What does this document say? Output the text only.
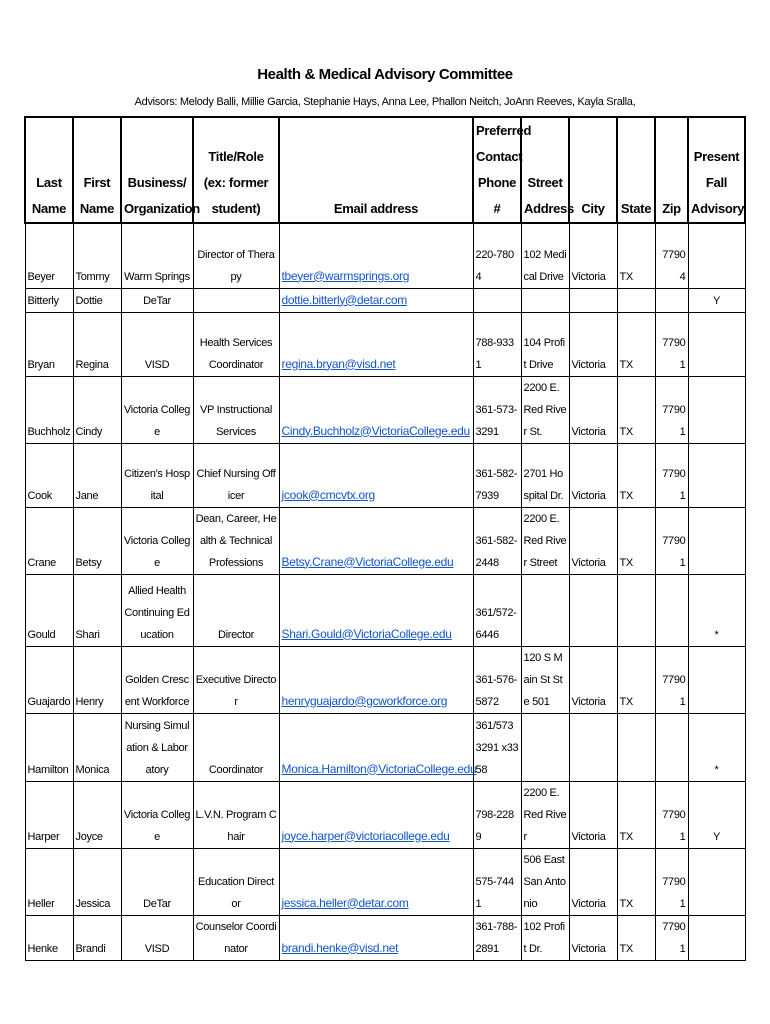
Health & Medical Advisory Committee
Advisors: Melody Balli, Millie Garcia, Stephanie Hays, Anna Lee, Phallon Neitch, JoAnn Reeves, Kayla Sralla,
Last Name	First Name	Business/ Organization	Title/Role (ex: former student)	Email address	Preferred Contact Phone #	Street Address	City	State	Zip	Present Fall Advisory
Beyer	Tommy	Warm Springs	Director of Therapy	tbeyer@warmsprings.org	220-7804	102 Medical Drive	Victoria	TX	77904	
Bitterly	Dottie	DeTar		dottie.bitterly@detar.com						Y
Bryan	Regina	VISD	Health Services Coordinator	regina.bryan@visd.net	788-9331	104 Profit Drive	Victoria	TX	77901	
Buchholz	Cindy	Victoria College	VP Instructional Services	Cindy.Buchholz@VictoriaCollege.edu	361-573-3291	2200 E. Red River St.	Victoria	TX	77901	
Cook	Jane	Citizen's Hospital	Chief Nursing Officer	jcook@cmcvtx.org	361-582-7939	2701 Hospital Dr.	Victoria	TX	77901	
Crane	Betsy	Victoria College	Dean, Career, Health & Technical Professions	Betsy.Crane@VictoriaCollege.edu	361-582-2448	2200 E. Red River Street	Victoria	TX	77901	
Gould	Shari	Allied Health Continuing Education	Director	Shari.Gould@VictoriaCollege.edu	361/572-6446					*
Guajardo	Henry	Golden Crescent Workforce	Executive Director	henryguajardo@gcworkforce.org	361-576-5872	120 S Main St Ste 501	Victoria	TX	77901	
Hamilton	Monica	Nursing Simulation & Laboratory	Coordinator	Monica.Hamilton@VictoriaCollege.edu	361/5733291 x3358					*
Harper	Joyce	Victoria College	L.V.N. Program Chair	joyce.harper@victoriacollege.edu	798-2289	2200 E. Red River	Victoria	TX	77901	Y
Heller	Jessica	DeTar	Education Director	jessica.heller@detar.com	575-7441	506 East San Antonio	Victoria	TX	77901	
Henke	Brandi	VISD	Counselor Coordinator	brandi.henke@visd.net	361-788-2891	102 Profit Dr.	Victoria	TX	77901	
